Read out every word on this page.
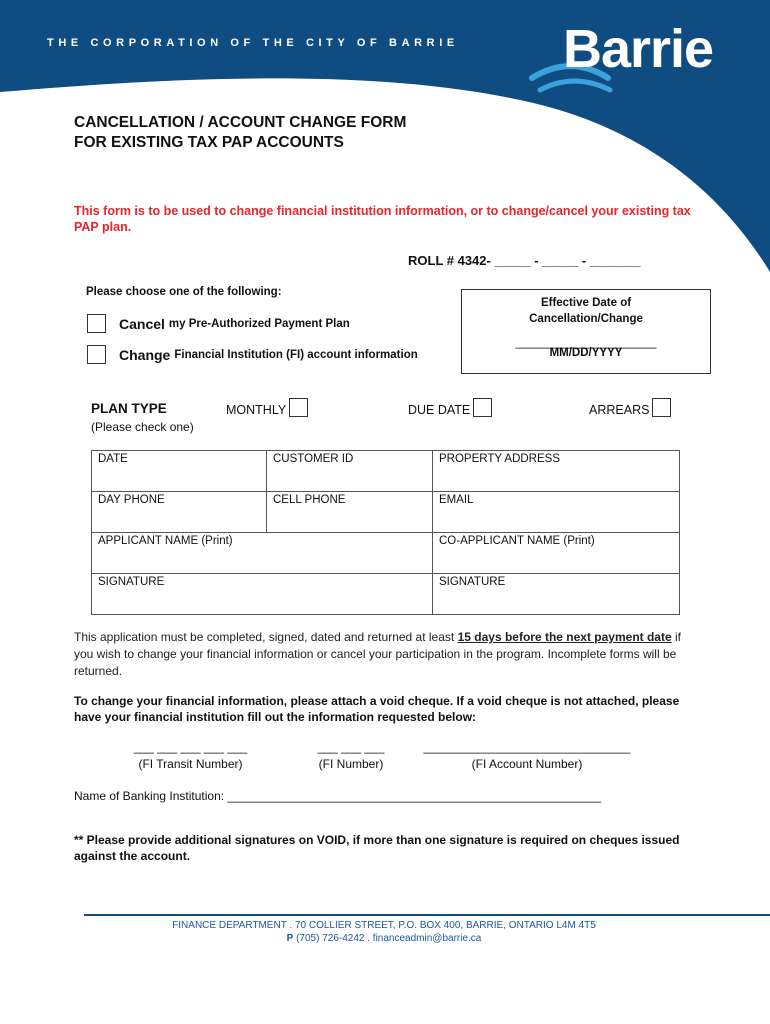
THE CORPORATION OF THE CITY OF BARRIE Barrie
CANCELLATION / ACCOUNT CHANGE FORM
FOR EXISTING TAX PAP ACCOUNTS
This form is to be used to change financial institution information, or to change/cancel your existing tax PAP plan.
ROLL # 4342- _____ - _____ - _______
Please choose one of the following:
Cancel my Pre-Authorized Payment Plan
Change Financial Institution (FI) account information
Effective Date of
Cancellation/Change
______________________
MM/DD/YYYY
PLAN TYPE
(Please check one)
MONTHLY	DUE DATE	ARREARS
DATE	CUSTOMER ID	PROPERTY ADDRESS
DAY PHONE	CELL PHONE	EMAIL
APPLICANT NAME (Print)		CO-APPLICANT NAME (Print)
SIGNATURE		SIGNATURE
This application must be completed, signed, dated and returned at least 15 days before the next payment date if you wish to change your financial information or cancel your participation in the program. Incomplete forms will be returned.
To change your financial information, please attach a void cheque. If a void cheque is not attached, please have your financial institution fill out the information requested below:
___ ___ ___ ___ ___
(FI Transit Number)
___ ___ ___
(FI Number)
_______________________________
(FI Account Number)
Name of Banking Institution: ________________________________________________________
** Please provide additional signatures on VOID, if more than one signature is required on cheques issued against the account.
FINANCE DEPARTMENT . 70 COLLIER STREET, P.O. BOX 400, BARRIE, ONTARIO L4M 4T5
P (705) 726-4242 . financeadmin@barrie.ca
